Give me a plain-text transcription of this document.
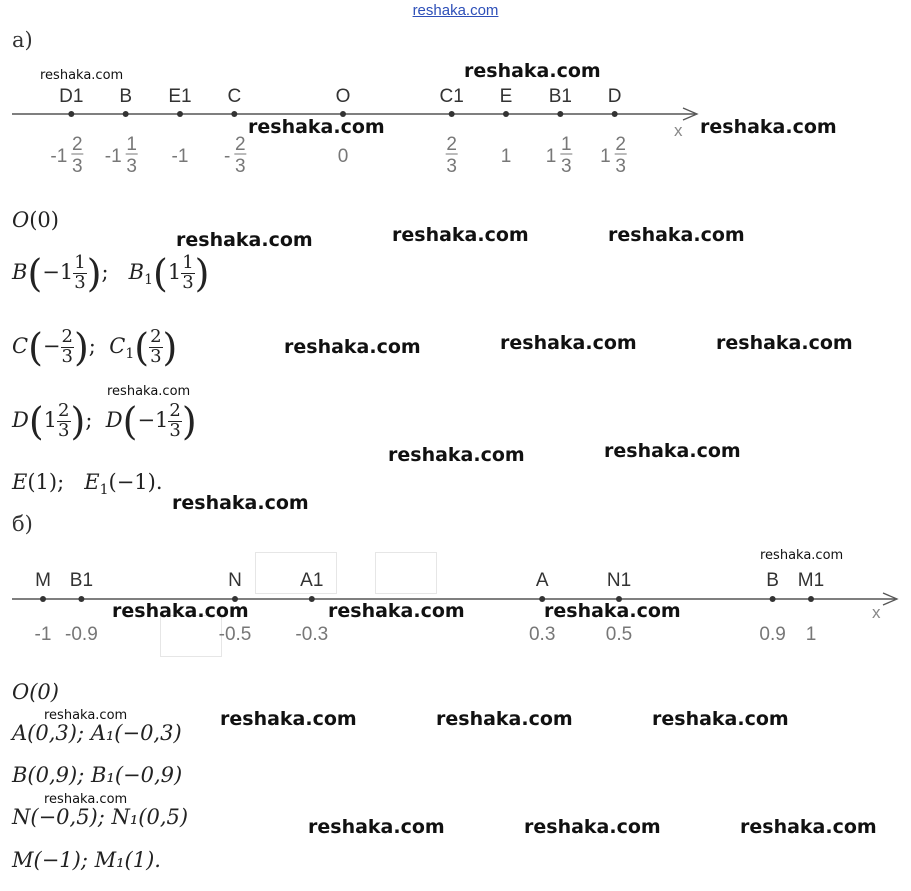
reshaka.com
а)
x
D1
-1
2
3
B
-1
1
3
E1
-1
C
-
2
3
O
0
C1
2
3
E
1
B1
1
1
3
D
1
2
3
O(0)
$B(-1 \frac{1}{3}$ ); $B_1(1 \frac{1}{3}$ )
$C(- \frac{2}{3}$ ); $C_1( \frac{2}{3}$ )
$D(1 \frac{2}{3}$ ); $D(-1 \frac{2}{3}$ )
E(1); $E_1(-1)$.
б)
x
M
-1
B1
-0.9
N
-0.5
A1
-0.3
A
0.3
N1
0.5
B
0.9
M1
1
O(0)
A(0,3); A₁(−0,3)
B(0,9); B₁(−0,9)
N(−0,5); N₁(0,5)
M(−1); M₁(1).
reshaka.com	reshaka.com
reshaka.com	reshaka.com
reshaka.com	reshaka.com	reshaka.com
reshaka.com	reshaka.com	reshaka.com
reshaka.com
reshaka.com	reshaka.com
reshaka.com
reshaka.com
reshaka.com	reshaka.com	reshaka.com
reshaka.com	reshaka.com	reshaka.com	reshaka.com
reshaka.com
reshaka.com	reshaka.com	reshaka.com
